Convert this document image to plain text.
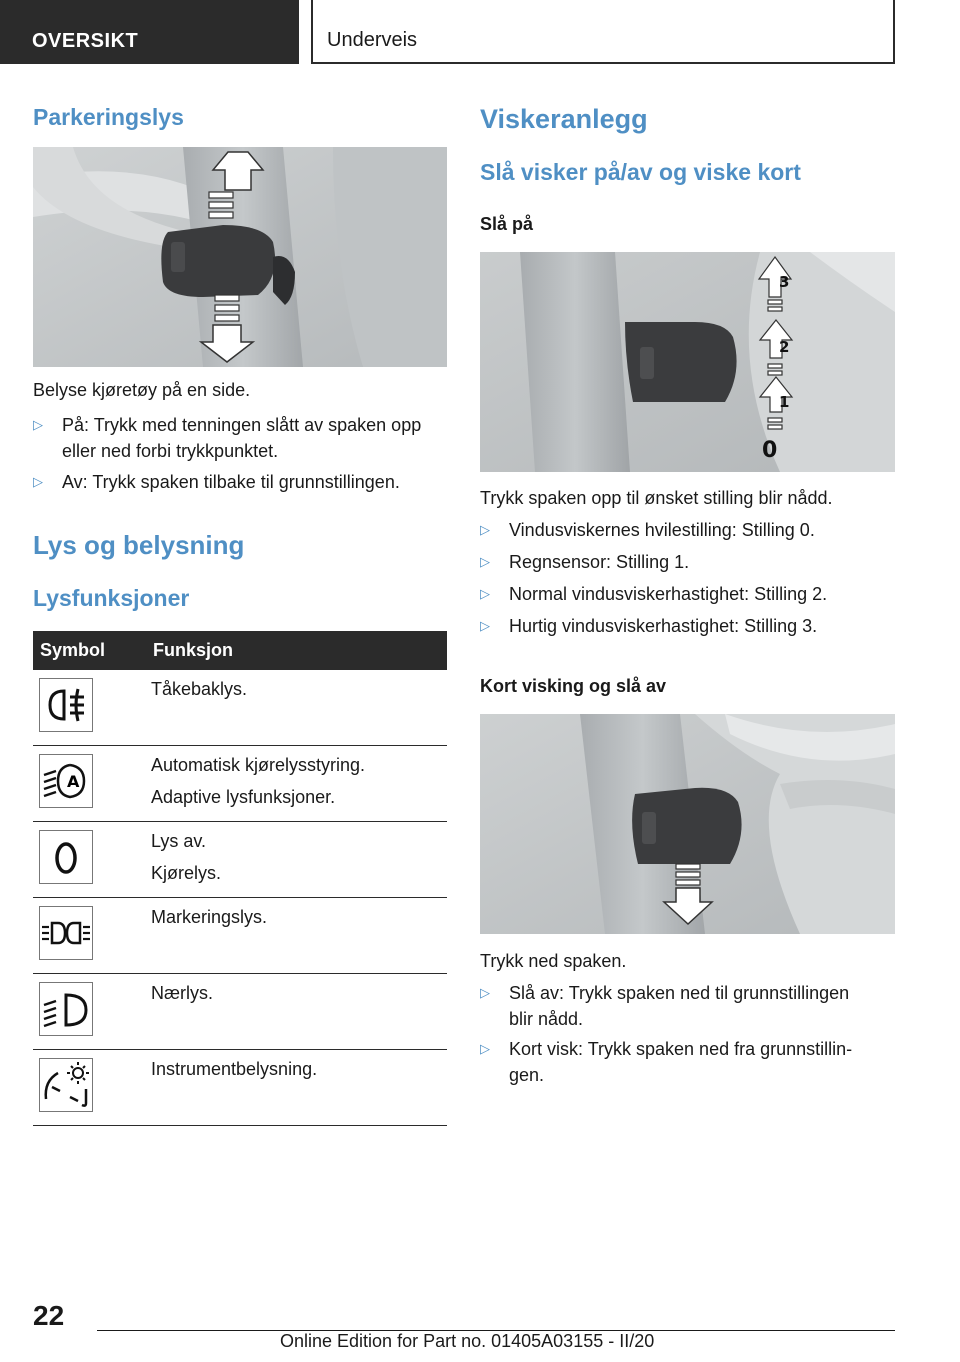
OVERSIKT	Underveis
Parkeringslys
Belyse kjøretøy på en side.
▷ På: Trykk med tenningen slått av spaken opp
eller ned forbi trykkpunktet.
▷ Av: Trykk spaken tilbake til grunnstillingen.
Lys og belysning
Lysfunksjoner
Symbol	Funksjon

Tåkebaklys.

A	Automatisk kjørelysstyring.
Adaptive lysfunksjoner.

Lys av.
Kjørelys.

Markeringslys.

Nærlys.

Instrumentbelysning.
Viskeranlegg
Slå visker på/av og viske kort
Slå på
3
2
1
0
Trykk spaken opp til ønsket stilling blir nådd.
▷ Vindusviskernes hvilestilling: Stilling 0.
▷ Regnsensor: Stilling 1.
▷ Normal vindusviskerhastighet: Stilling 2.
▷ Hurtig vindusviskerhastighet: Stilling 3.
Kort visking og slå av
Trykk ned spaken.
▷ Slå av: Trykk spaken ned til grunnstillingen
blir nådd.
▷ Kort visk: Trykk spaken ned fra grunnstillin-
gen.
22
Online Edition for Part no. 01405A03155 - II/20
